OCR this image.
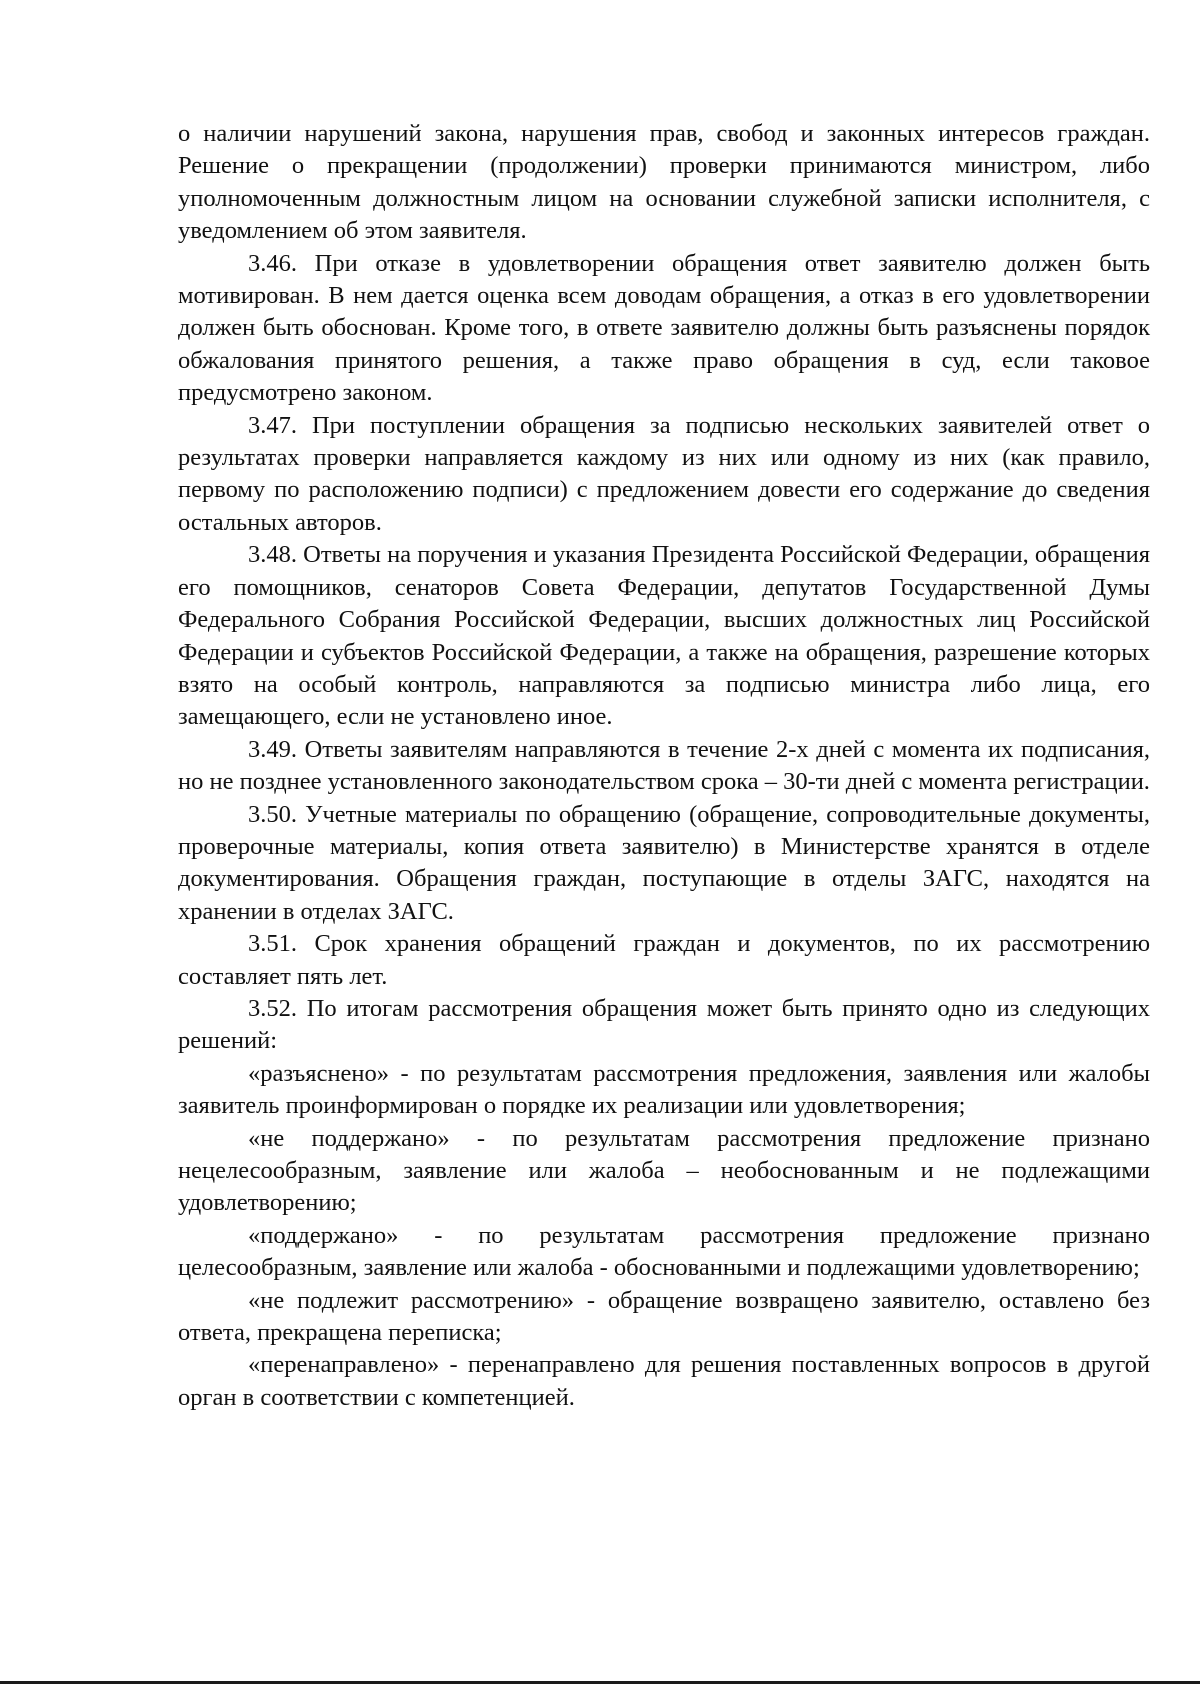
о наличии нарушений закона, нарушения прав, свобод и законных интересов граждан. Решение о прекращении (продолжении) проверки принимаются министром, либо уполномоченным должностным лицом на основании служебной записки исполнителя, с уведомлением об этом заявителя.

3.46. При отказе в удовлетворении обращения ответ заявителю должен быть мотивирован. В нем дается оценка всем доводам обращения, а отказ в его удовлетворении должен быть обоснован. Кроме того, в ответе заявителю должны быть разъяснены порядок обжалования принятого решения, а также право обращения в суд, если таковое предусмотрено законом.

3.47. При поступлении обращения за подписью нескольких заявителей ответ о результатах проверки направляется каждому из них или одному из них (как правило, первому по расположению подписи) с предложением довести его содержание до сведения остальных авторов.

3.48. Ответы на поручения и указания Президента Российской Федерации, обращения его помощников, сенаторов Совета Федерации, депутатов Государственной Думы Федерального Собрания Российской Федерации, высших должностных лиц Российской Федерации и субъектов Российской Федерации, а также на обращения, разрешение которых взято на особый контроль, направляются за подписью министра либо лица, его замещающего, если не установлено иное.

3.49. Ответы заявителям направляются в течение 2-х дней с момента их подписания, но не позднее установленного законодательством срока – 30-ти дней с момента регистрации.

3.50. Учетные материалы по обращению (обращение, сопроводительные документы, проверочные материалы, копия ответа заявителю) в Министерстве хранятся в отделе документирования. Обращения граждан, поступающие в отделы ЗАГС, находятся на хранении в отделах ЗАГС.

3.51. Срок хранения обращений граждан и документов, по их рассмотрению составляет пять лет.

3.52. По итогам рассмотрения обращения может быть принято одно из следующих решений:

«разъяснено» - по результатам рассмотрения предложения, заявления или жалобы заявитель проинформирован о порядке их реализации или удовлетворения;

«не поддержано» - по результатам рассмотрения предложение признано нецелесообразным, заявление или жалоба – необоснованным и не подлежащими удовлетворению;

«поддержано» - по результатам рассмотрения предложение признано целесообразным, заявление или жалоба - обоснованными и подлежащими удовлетворению;

«не подлежит рассмотрению» - обращение возвращено заявителю, оставлено без ответа, прекращена переписка;

«перенаправлено» - перенаправлено для решения поставленных вопросов в другой орган в соответствии с компетенцией.
